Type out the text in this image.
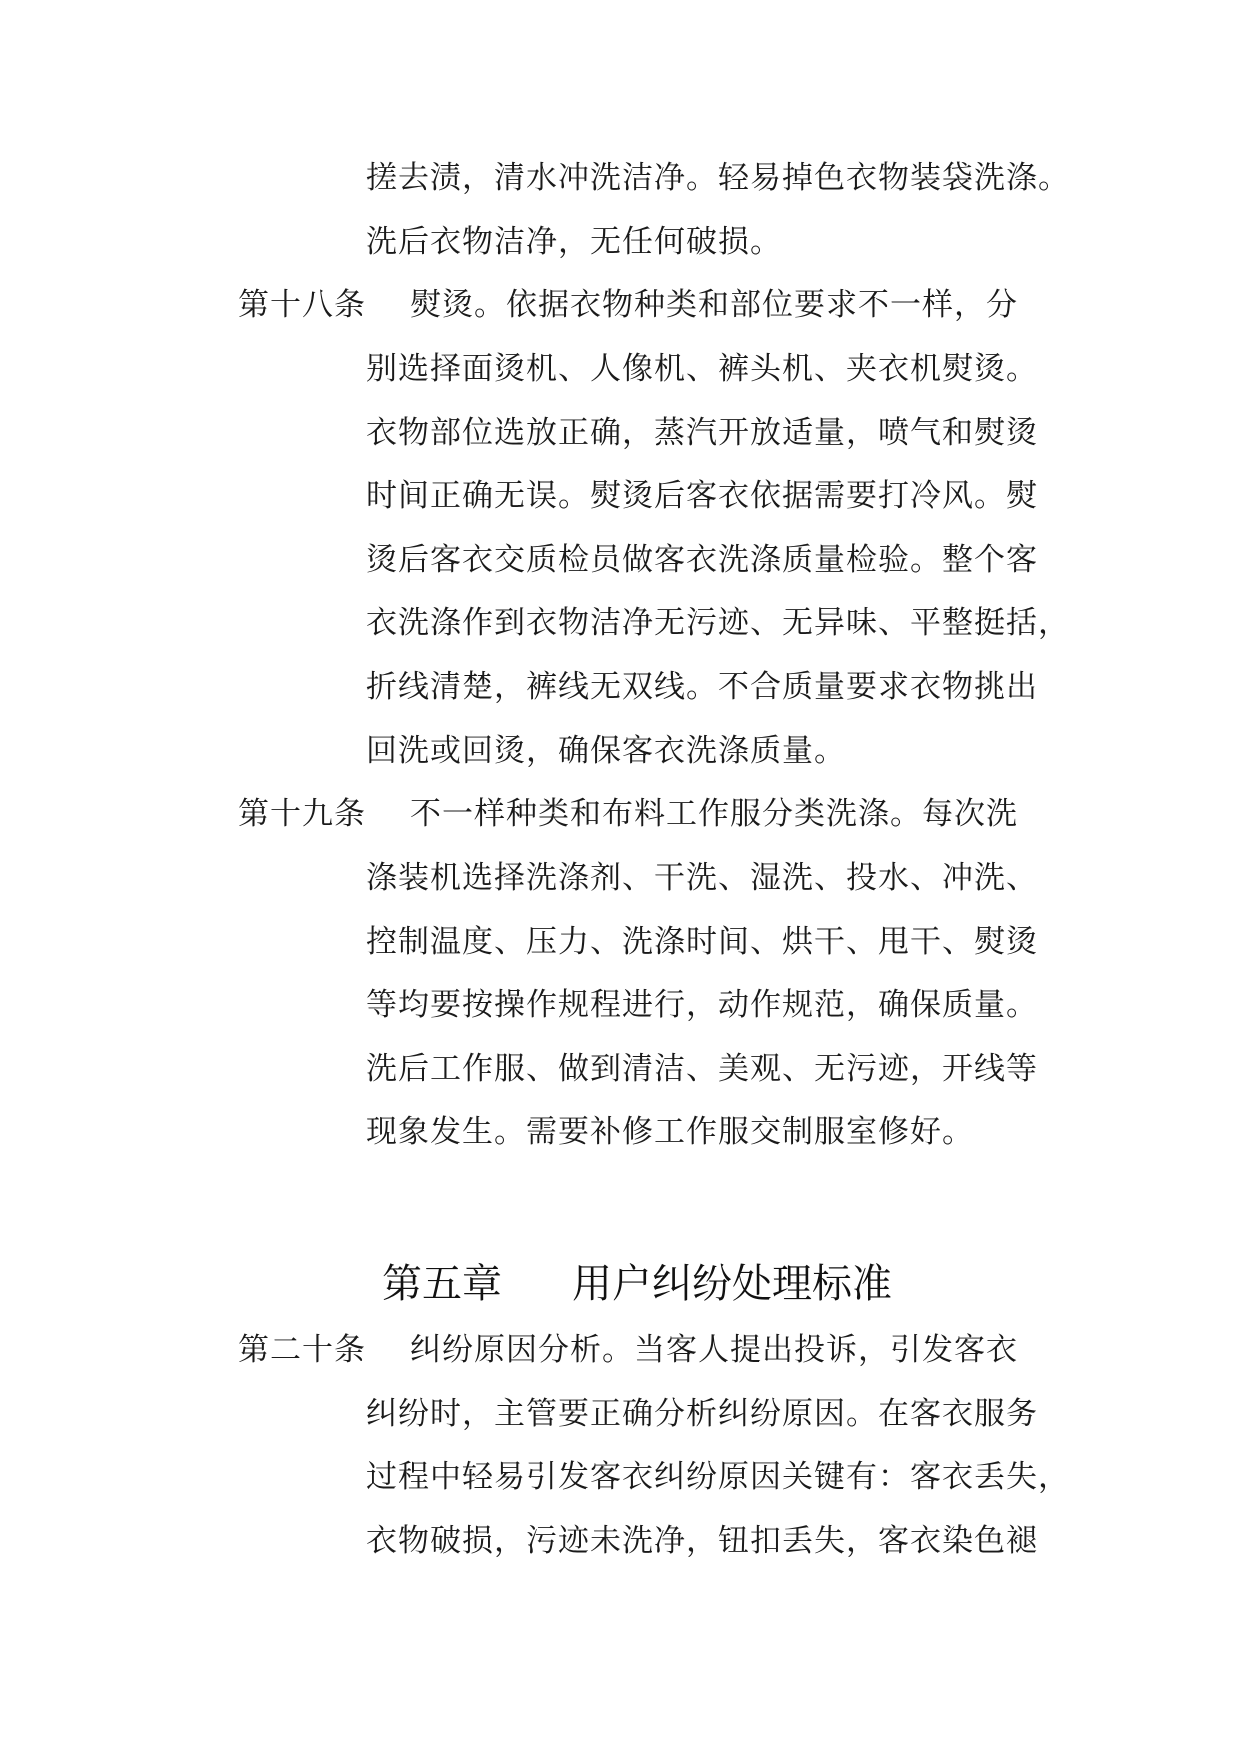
搓去渍，清水冲洗洁净。轻易掉色衣物装袋洗涤。
洗后衣物洁净，无任何破损。
第十八条 熨烫。依据衣物种类和部位要求不一样，分
别选择面烫机、人像机、裤头机、夹衣机熨烫。
衣物部位选放正确，蒸汽开放适量，喷气和熨烫
时间正确无误。熨烫后客衣依据需要打冷风。熨
烫后客衣交质检员做客衣洗涤质量检验。整个客
衣洗涤作到衣物洁净无污迹、无异味、平整挺括，
折线清楚，裤线无双线。不合质量要求衣物挑出
回洗或回烫，确保客衣洗涤质量。
第十九条 不一样种类和布料工作服分类洗涤。每次洗
涤装机选择洗涤剂、干洗、湿洗、投水、冲洗、
控制温度、压力、洗涤时间、烘干、甩干、熨烫
等均要按操作规程进行，动作规范，确保质量。
洗后工作服、做到清洁、美观、无污迹，开线等
现象发生。需要补修工作服交制服室修好。
第五章 用户纠纷处理标准
第二十条 纠纷原因分析。当客人提出投诉，引发客衣
纠纷时，主管要正确分析纠纷原因。在客衣服务
过程中轻易引发客衣纠纷原因关键有：客衣丢失，
衣物破损，污迹未洗净，钮扣丢失，客衣染色褪
